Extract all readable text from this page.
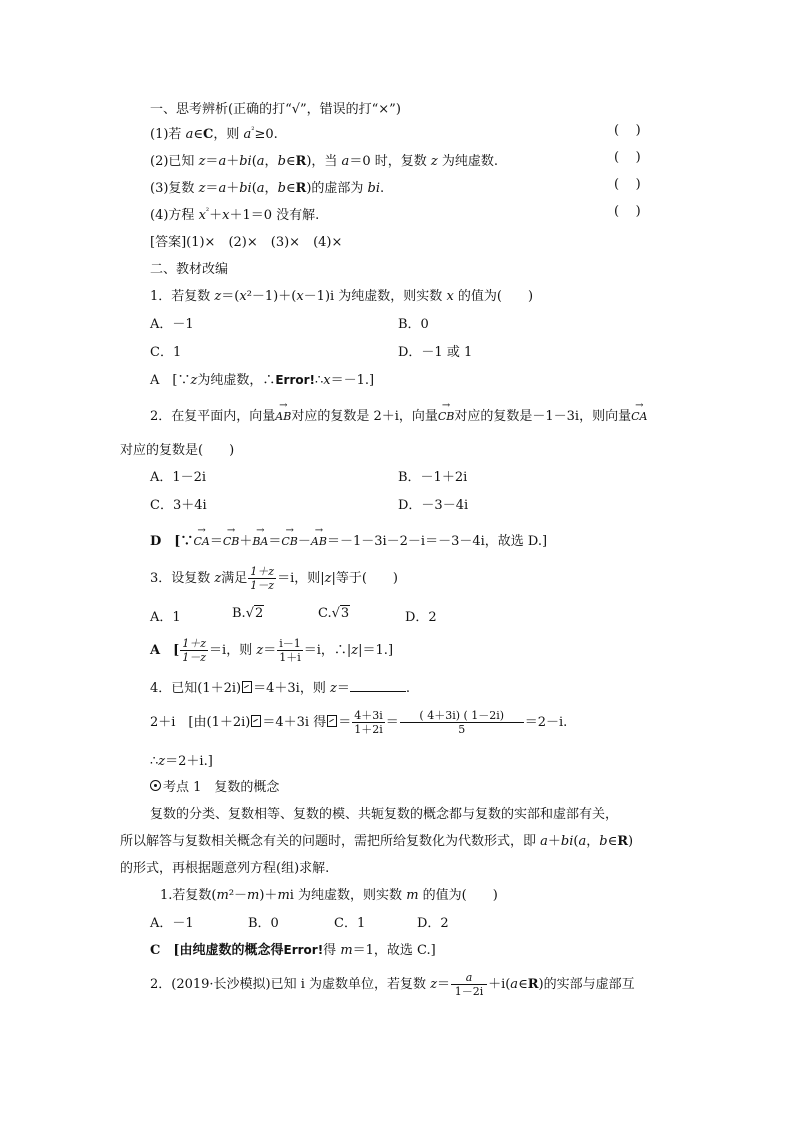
一、思考辨析(正确的打“√”，错误的打“×”)
(1)若 a∈C，则 $a^{^2}\ge 0$.	(    )
(2)已知 z＝a＋bi(a，b∈R)，当 a＝0 时，复数 z 为纯虚数.	(    )
(3)复数 z＝a＋bi(a，b∈R)的虚部为 bi.	(    )
(4)方程 $x^{^2}+x+1=0$ 没有解.	(    )
[答案](1)×　(2)×　(3)×　(4)×
二、教材改编
1．若复数 z＝(x²－1)＋(x－1)i 为纯虚数，则实数 x 的值为(　　)
A．－1	B．0
C．1	D．－1 或 1
A　[∵z为纯虚数，∴Error!∴x＝－1.]
2．在复平面内，向量→ AB对应的复数是 2＋i，向量→ CB对应的复数是－1－3i，则向量→ CA
对应的复数是(　　)
A．1－2i	B．－1＋2i
C．3＋4i	D．－3－4i
D　[∵→ CA＝→ CB＋→ BA＝→ CB－→ AB＝－1－3i－2－i＝－3－4i，故选 D.]
3．设复数 z满足 $\frac{1+z}{1-z} =i$，则|z|等于(　　)
A．1	B.√2	C.√3	D．2
A　[ $\frac{1+z}{1-z} =i$，则 $z= \frac{i-1}{1+i} =i$，∴|z|＝1.]
4．已知(1＋2i) ＝4＋3i，则 z＝	.
2＋i　[由(1＋2i) ＝4＋3i 得 ＝ $\frac{4+3i}{1+2i} = \frac{( 4+3i) ( 1-2i)}{5} =2-i$.
∴z＝2＋i.]
考点 1　复数的概念
复数的分类、复数相等、复数的模、共轭复数的概念都与复数的实部和虚部有关，
所以解答与复数相关概念有关的问题时，需把所给复数化为代数形式，即 a＋bi(a，b∈R)
的形式，再根据题意列方程(组)求解.
1.若复数(m²－m)＋mi 为纯虚数，则实数 m 的值为(　　)
A．－1	B．0	C．1	D．2
C　[由纯虚数的概念得Error!得 m＝1，故选 C.]
2．(2019·长沙模拟)已知 i 为虚数单位，若复数 $z= \frac{a}{1-2i}$ ＋i(a∈R)的实部与虚部互
